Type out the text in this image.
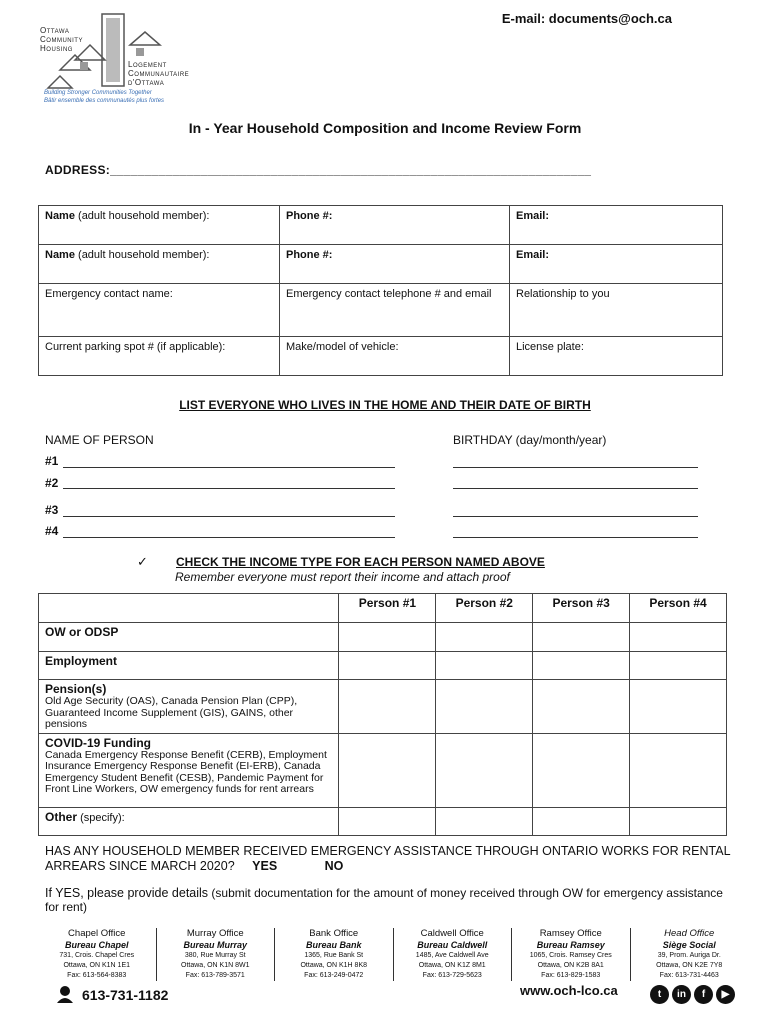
Ottawa
Community
Housing
Logement
Communautaire
d'Ottawa
Building Stronger Communities Together
Bâtir ensemble des communautés plus fortes
E-mail: documents@och.ca
In - Year Household Composition and Income Review Form
ADDRESS:_____________________________________________________________________
Name (adult household member):	Phone #:	Email:
Name (adult household member):	Phone #:	Email:
Emergency contact name:	Emergency contact telephone # and email	Relationship to you
Current parking spot # (if applicable):	Make/model of vehicle:	License plate:
LIST EVERYONE WHO LIVES IN THE HOME AND THEIR DATE OF BIRTH
NAME OF PERSON	BIRTHDAY (day/month/year)
#1
#2
#3
#4
✓ CHECK THE INCOME TYPE FOR EACH PERSON NAMED ABOVE
Remember everyone must report their income and attach proof
	Person #1	Person #2	Person #3	Person #4

OW or ODSP				

Employment				

Pension(s)
Old Age Security (OAS), Canada Pension Plan (CPP), Guaranteed Income Supplement (GIS), GAINS, other pensions				

COVID-19 Funding
Canada Emergency Response Benefit (CERB), Employment Insurance Emergency Response Benefit (EI-ERB), Canada Emergency Student Benefit (CESB), Pandemic Payment for Front Line Workers, OW emergency funds for rent arrears				

Other (specify):				
HAS ANY HOUSEHOLD MEMBER RECEIVED EMERGENCY ASSISTANCE THROUGH ONTARIO WORKS FOR RENTAL ARREARS SINCE MARCH 2020? YES	NO
If YES, please provide details (submit documentation for the amount of money received through OW for emergency assistance for rent)
Chapel Office
Bureau Chapel
731, Crois. Chapel Cres
Ottawa, ON K1N 1E1
Fax: 613-564-8383
Murray Office
Bureau Murray
380, Rue Murray St
Ottawa, ON K1N 8W1
Fax: 613-789-3571
Bank Office
Bureau Bank
1365, Rue Bank St
Ottawa, ON K1H 8K8
Fax: 613-249-0472
Caldwell Office
Bureau Caldwell
1485, Ave Caldwell Ave
Ottawa, ON K1Z 8M1
Fax: 613-729-5623
Ramsey Office
Bureau Ramsey
1065, Crois. Ramsey Cres
Ottawa, ON K2B 8A1
Fax: 613-829-1583
Head Office
Siège Social
39, Prom. Auriga Dr.
Ottawa, ON K2E 7Y8
Fax: 613-731-4463
613-731-1182	www.och-lco.ca	t	in	f	▶
